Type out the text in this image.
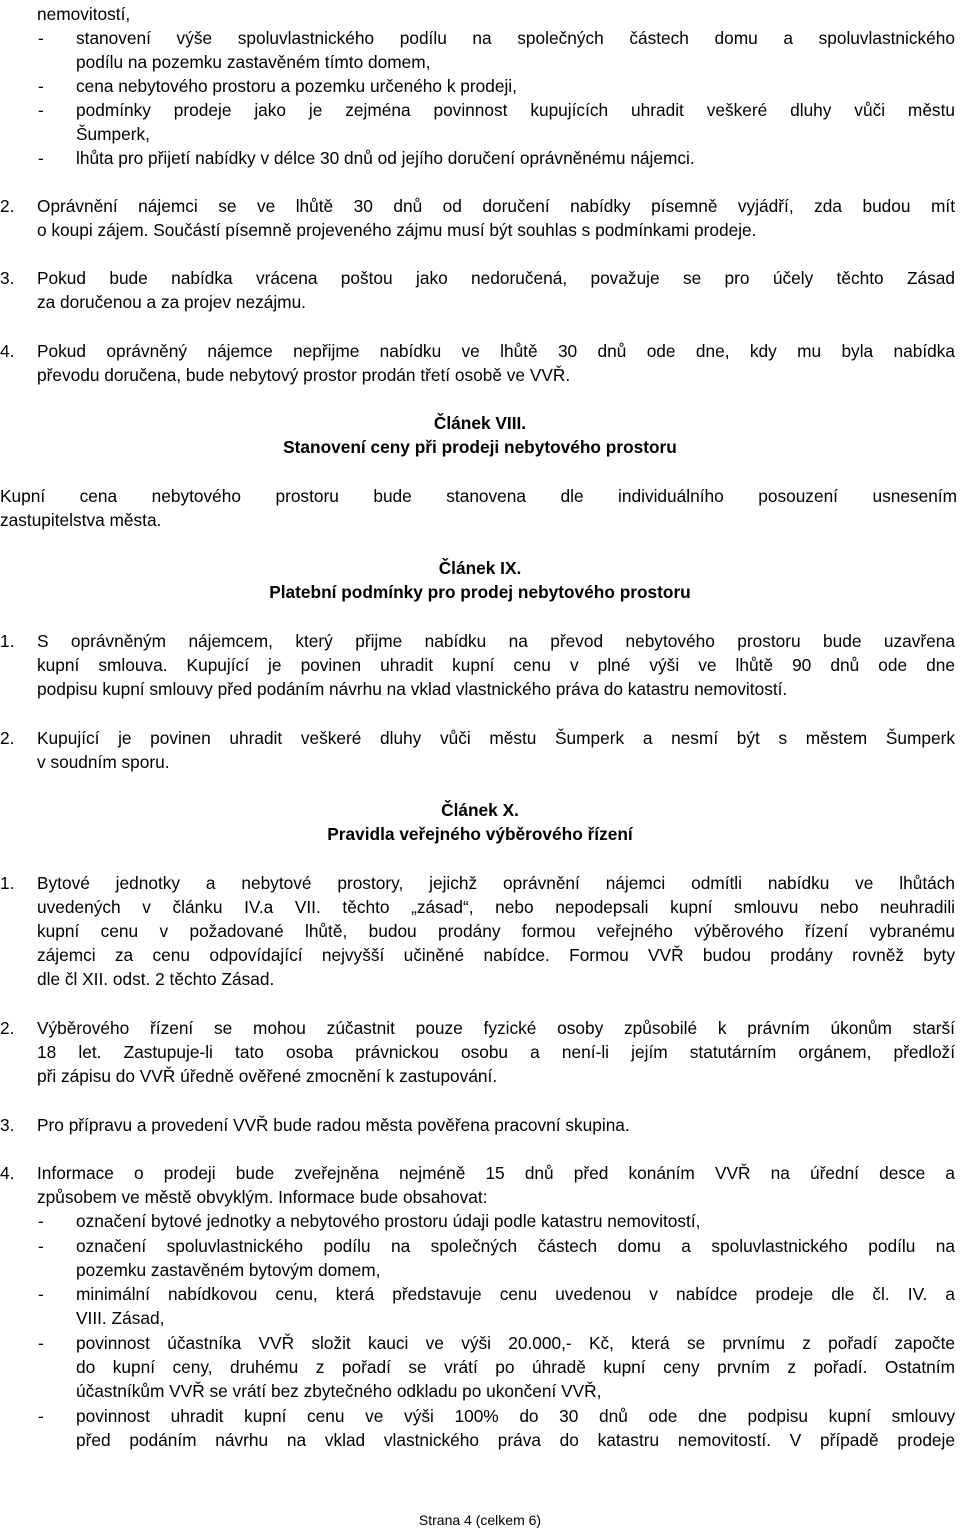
nemovitostí,
- stanovení výše spoluvlastnického podílu na společných částech domu a spoluvlastnického
podílu na pozemku zastavěném tímto domem,
- cena nebytového prostoru a pozemku určeného k prodeji,
- podmínky prodeje jako je zejména povinnost kupujících uhradit veškeré dluhy vůči městu
Šumperk,
- lhůta pro přijetí nabídky v délce 30 dnů od jejího doručení oprávněnému nájemci.
2. Oprávnění nájemci se ve lhůtě 30 dnů od doručení nabídky písemně vyjádří, zda budou mít
o koupi zájem. Součástí písemně projeveného zájmu musí být souhlas s podmínkami prodeje.
3. Pokud bude nabídka vrácena poštou jako nedoručená, považuje se pro účely těchto Zásad
za doručenou a za projev nezájmu.
4. Pokud oprávněný nájemce nepřijme nabídku ve lhůtě 30 dnů ode dne, kdy mu byla nabídka
převodu doručena, bude nebytový prostor prodán třetí osobě ve VVŘ.
Článek VIII.
Stanovení ceny při prodeji nebytového prostoru
Kupní cena nebytového prostoru bude stanovena dle individuálního posouzení usnesením
zastupitelstva města.
Článek IX.
Platební podmínky pro prodej nebytového prostoru
1. S oprávněným nájemcem, který přijme nabídku na převod nebytového prostoru bude uzavřena
kupní smlouva. Kupující je povinen uhradit kupní cenu v plné výši ve lhůtě 90 dnů ode dne
podpisu kupní smlouvy před podáním návrhu na vklad vlastnického práva do katastru nemovitostí.
2. Kupující je povinen uhradit veškeré dluhy vůči městu Šumperk a nesmí být s městem Šumperk
v soudním sporu.
Článek X.
Pravidla veřejného výběrového řízení
1. Bytové jednotky a nebytové prostory, jejichž oprávnění nájemci odmítli nabídku ve lhůtách
uvedených v článku IV.a VII. těchto „zásad“, nebo nepodepsali kupní smlouvu nebo neuhradili
kupní cenu v požadované lhůtě, budou prodány formou veřejného výběrového řízení vybranému
zájemci za cenu odpovídající nejvyšší učiněné nabídce. Formou VVŘ budou prodány rovněž byty
dle čl XII. odst. 2 těchto Zásad.
2. Výběrového řízení se mohou zúčastnit pouze fyzické osoby způsobilé k právním úkonům starší
18 let. Zastupuje-li tato osoba právnickou osobu a není-li jejím statutárním orgánem, předloží
při zápisu do VVŘ úředně ověřené zmocnění k zastupování.
3. Pro přípravu a provedení VVŘ bude radou města pověřena pracovní skupina.
4. Informace o prodeji bude zveřejněna nejméně 15 dnů před konáním VVŘ na úřední desce a
způsobem ve městě obvyklým. Informace bude obsahovat:
- označení bytové jednotky a nebytového prostoru údaji podle katastru nemovitostí,
- označení spoluvlastnického podílu na společných částech domu a spoluvlastnického podílu na
pozemku zastavěném bytovým domem,
- minimální nabídkovou cenu, která představuje cenu uvedenou v nabídce prodeje dle čl. IV. a
VIII. Zásad,
- povinnost účastníka VVŘ složit kauci ve výši 20.000,- Kč, která se prvnímu z pořadí započte
do kupní ceny, druhému z pořadí se vrátí po úhradě kupní ceny prvním z pořadí. Ostatním
účastníkům VVŘ se vrátí bez zbytečného odkladu po ukončení VVŘ,
- povinnost uhradit kupní cenu ve výši 100% do 30 dnů ode dne podpisu kupní smlouvy
před podáním návrhu na vklad vlastnického práva do katastru nemovitostí. V případě prodeje
Strana 4 (celkem 6)
